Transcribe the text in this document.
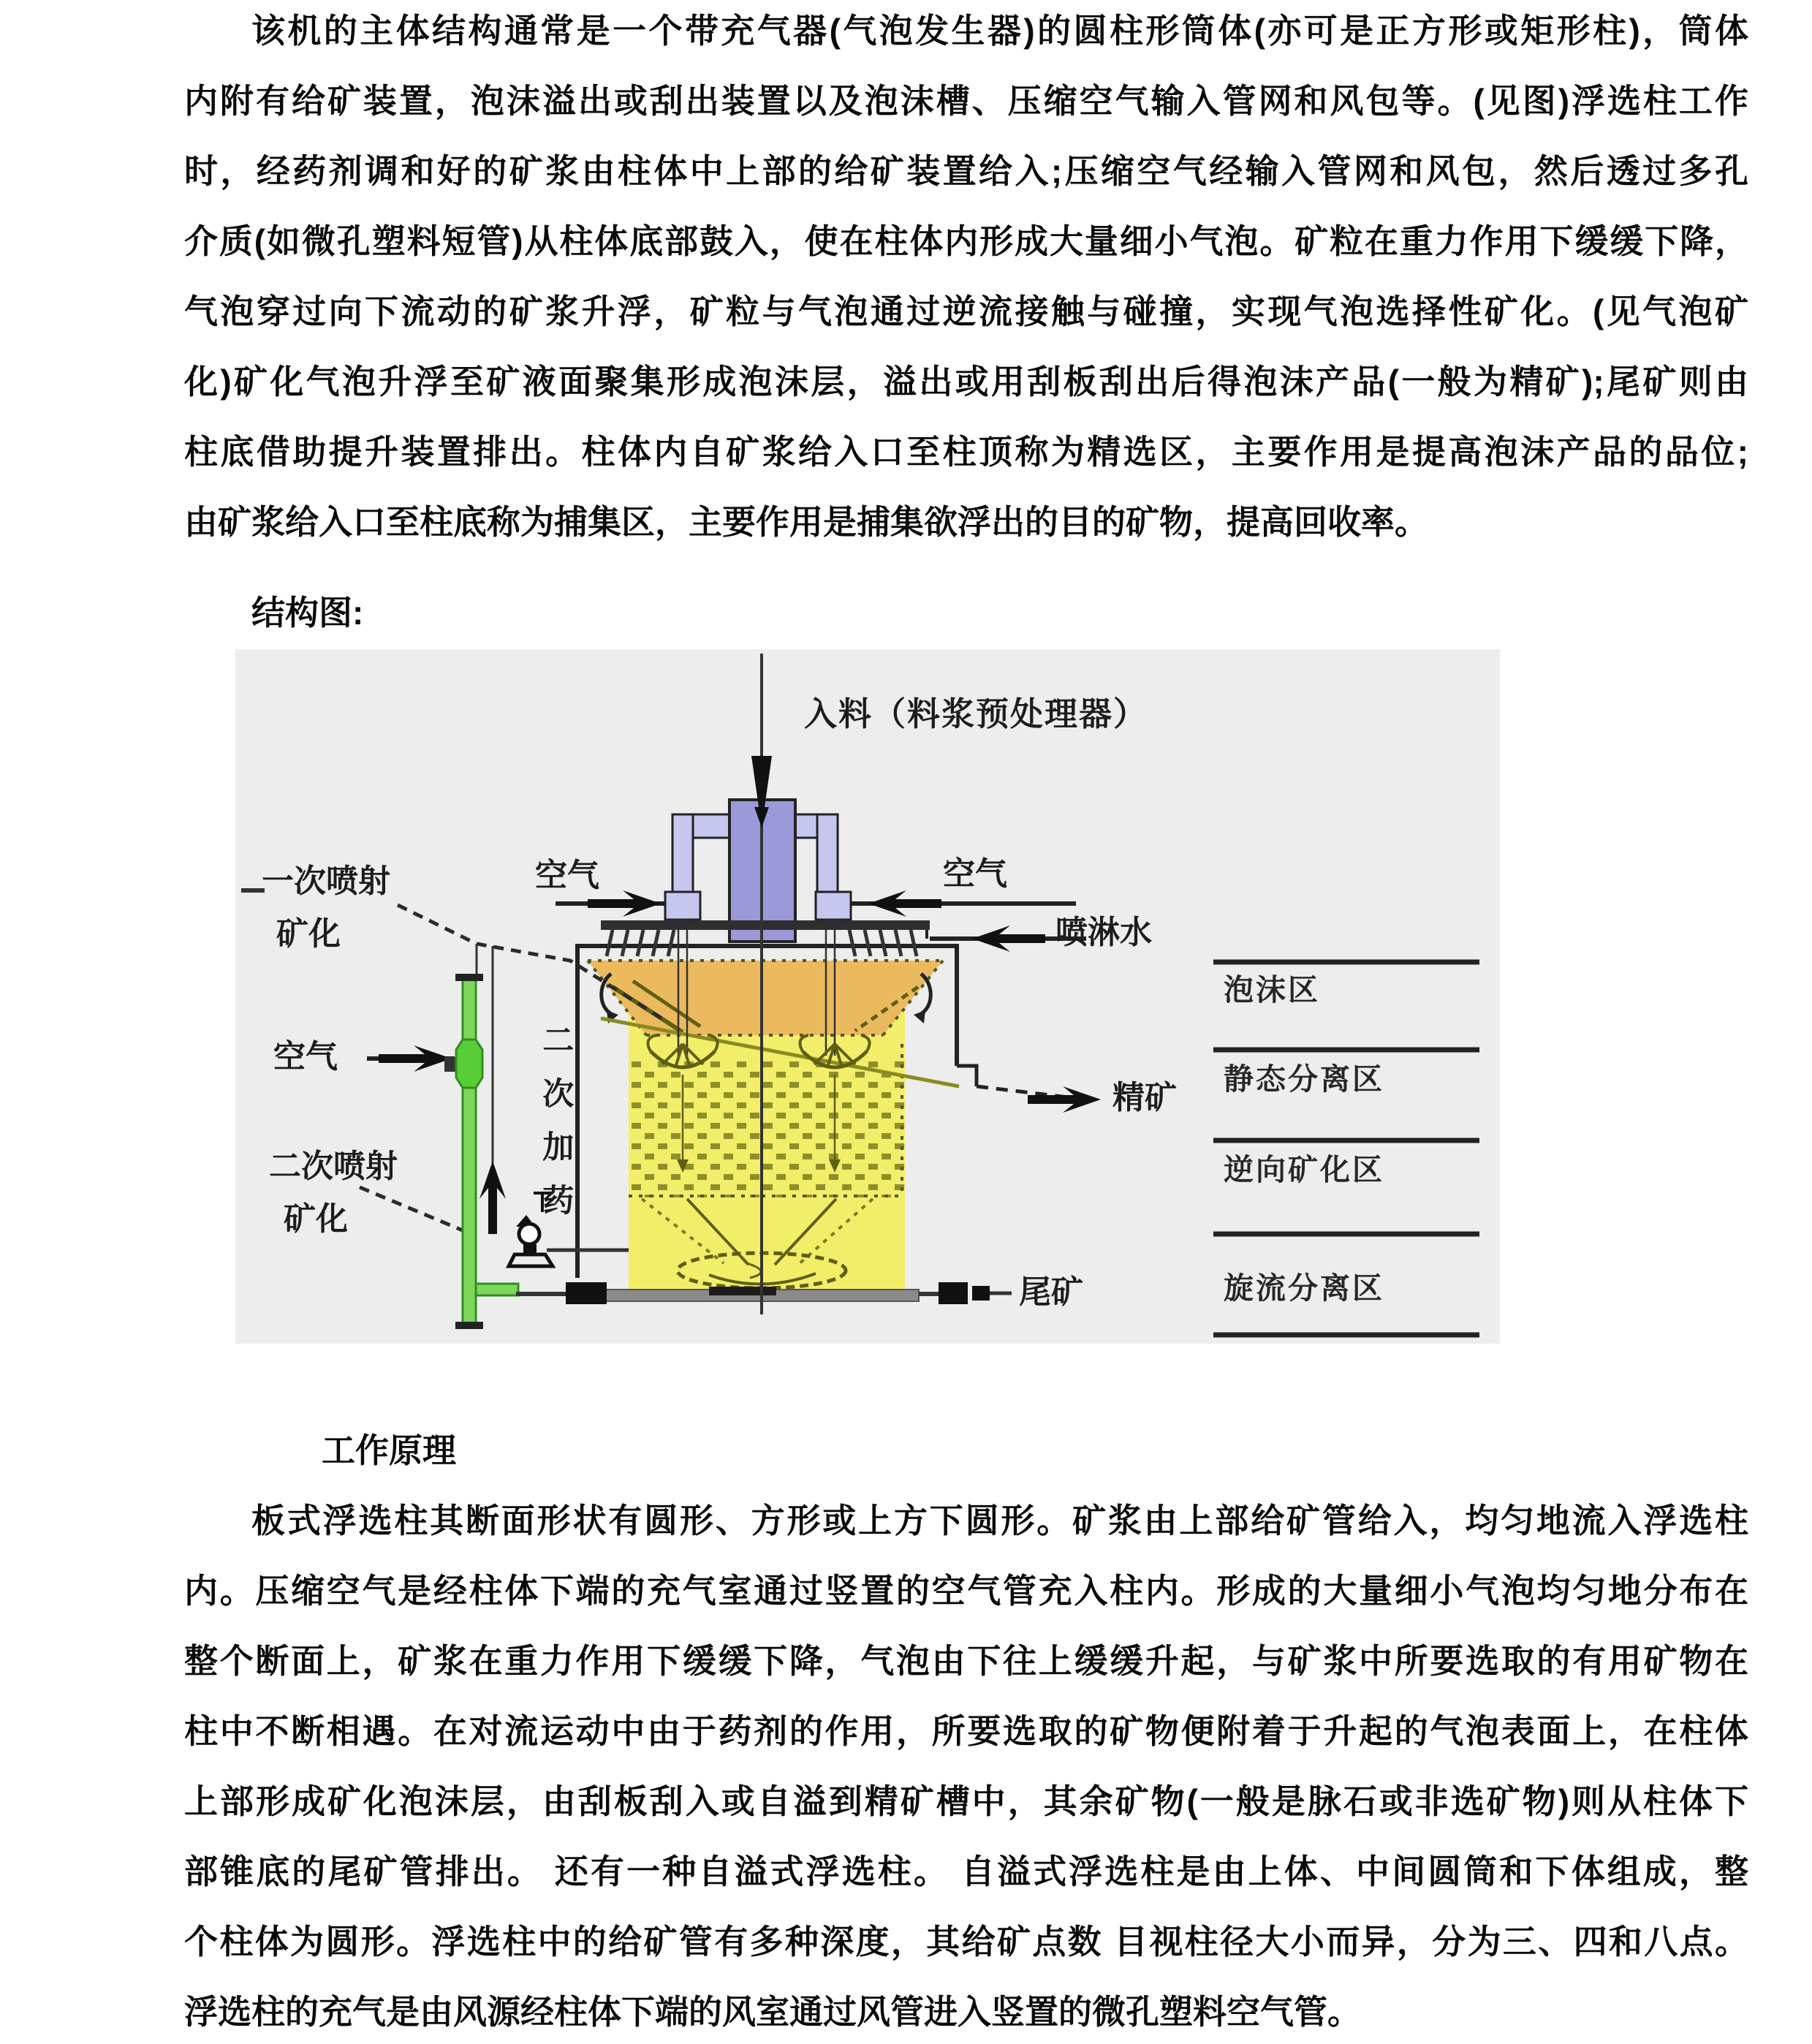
该机的主体结构通常是一个带充气器(气泡发生器)的圆柱形筒体(亦可是正方形或矩形柱)，筒体
内附有给矿装置，泡沫溢出或刮出装置以及泡沫槽、压缩空气输入管网和风包等。(见图)浮选柱工作
时，经药剂调和好的矿浆由柱体中上部的给矿装置给入;压缩空气经输入管网和风包，然后透过多孔
介质(如微孔塑料短管)从柱体底部鼓入，使在柱体内形成大量细小气泡。矿粒在重力作用下缓缓下降，
气泡穿过向下流动的矿浆升浮，矿粒与气泡通过逆流接触与碰撞，实现气泡选择性矿化。(见气泡矿
化)矿化气泡升浮至矿液面聚集形成泡沫层，溢出或用刮板刮出后得泡沫产品(一般为精矿);尾矿则由
柱底借助提升装置排出。柱体内自矿浆给入口至柱顶称为精选区，主要作用是提高泡沫产品的品位;
由矿浆给入口至柱底称为捕集区，主要作用是捕集欲浮出的目的矿物，提高回收率。
结构图:
入料（料浆预处理器）
空气	空气
喷淋水
一次喷射
矿化
空气	二次加药
二次喷射
矿化
精矿
尾矿
泡沫区
静态分离区
逆向矿化区
旋流分离区
工作原理
板式浮选柱其断面形状有圆形、方形或上方下圆形。矿浆由上部给矿管给入，均匀地流入浮选柱
内。压缩空气是经柱体下端的充气室通过竖置的空气管充入柱内。形成的大量细小气泡均匀地分布在
整个断面上，矿浆在重力作用下缓缓下降，气泡由下往上缓缓升起，与矿浆中所要选取的有用矿物在
柱中不断相遇。在对流运动中由于药剂的作用，所要选取的矿物便附着于升起的气泡表面上，在柱体
上部形成矿化泡沫层，由刮板刮入或自溢到精矿槽中，其余矿物(一般是脉石或非选矿物)则从柱体下
部锥底的尾矿管排出。 还有一种自溢式浮选柱。 自溢式浮选柱是由上体、中间圆筒和下体组成，整
个柱体为圆形。浮选柱中的给矿管有多种深度，其给矿点数 目视柱径大小而异，分为三、四和八点。
浮选柱的充气是由风源经柱体下端的风室通过风管进入竖置的微孔塑料空气管。
